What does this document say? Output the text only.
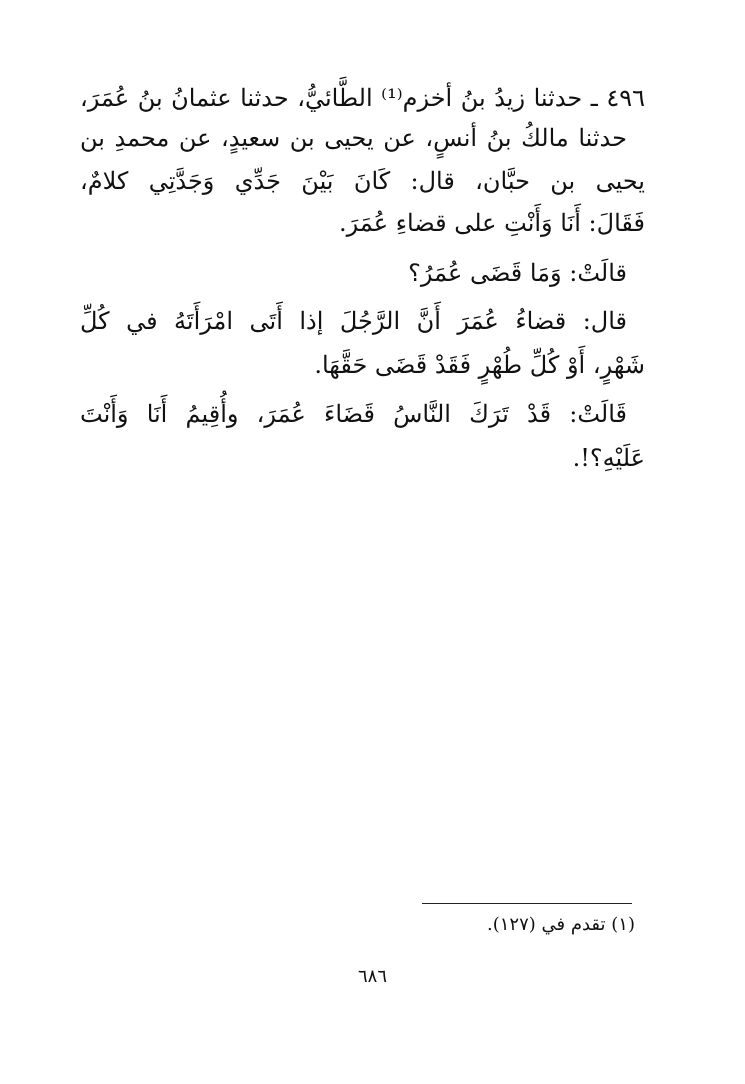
٤٩٦ ـ حدثنا زيدُ بنُ أخزم⁽¹⁾ الطَّائيُّ، حدثنا عثمانُ بنُ عُمَرَ،
حدثنا مالكُ بنُ أنسٍ، عن يحيى بن سعيدٍ، عن محمدِ بن
يحيى بن حبَّان، قال: كَانَ بَيْنَ جَدِّي وَجَدَّتِي كلامٌ،
فَقَالَ: أَنَا وَأَنْتِ على قضاءِ عُمَرَ.
قالَتْ: وَمَا قَضَى عُمَرُ؟
قال: قضاءُ عُمَرَ أَنَّ الرَّجُلَ إذا أَتَى امْرَأَتَهُ في كُلِّ
شَهْرٍ، أَوْ كُلِّ طُهْرٍ فَقَدْ قَضَى حَقَّهَا.
قَالَتْ: قَدْ تَرَكَ النَّاسُ قَضَاءَ عُمَرَ، وأُقِيمُ أَنَا وَأَنْتَ
عَلَيْهِ؟!.
(١) تقدم في (١٢٧).
٦٨٦
